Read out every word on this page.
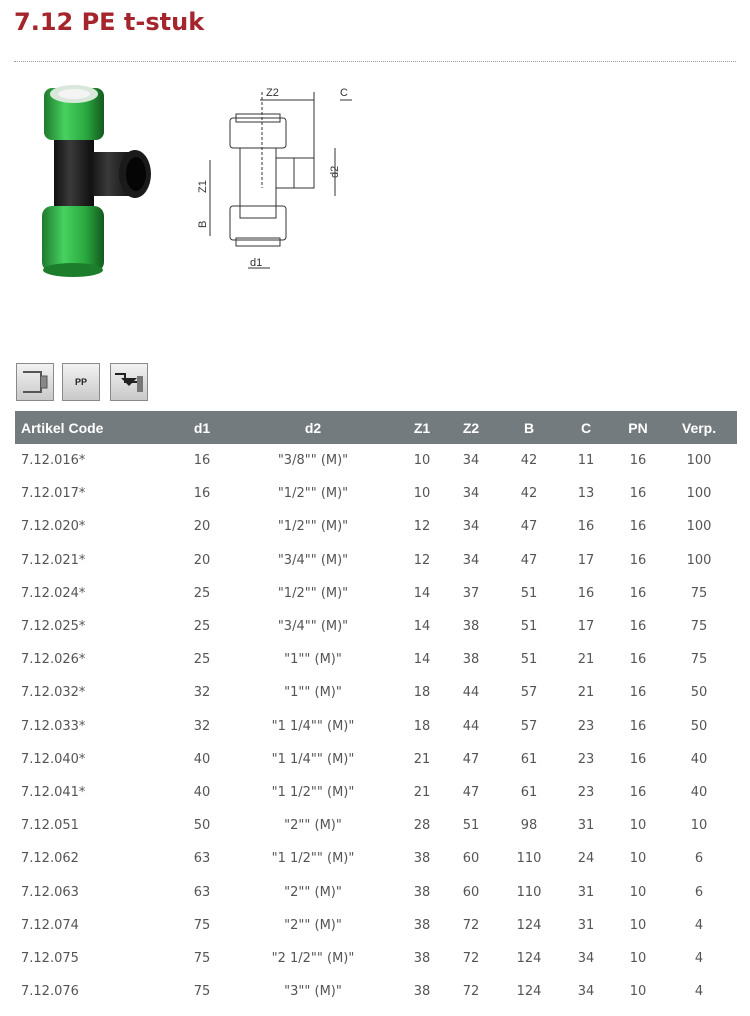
7.12 PE t-stuk
Z2	C
d2
Z1
B
d1
PP
Artikel Code	d1	d2	Z1	Z2	B	C	PN	Verp.
7.12.016*	16	"3/8"" (M)"	10	34	42	11	16	100
7.12.017*	16	"1/2"" (M)"	10	34	42	13	16	100
7.12.020*	20	"1/2"" (M)"	12	34	47	16	16	100
7.12.021*	20	"3/4"" (M)"	12	34	47	17	16	100
7.12.024*	25	"1/2"" (M)"	14	37	51	16	16	75
7.12.025*	25	"3/4"" (M)"	14	38	51	17	16	75
7.12.026*	25	"1"" (M)"	14	38	51	21	16	75
7.12.032*	32	"1"" (M)"	18	44	57	21	16	50
7.12.033*	32	"1 1/4"" (M)"	18	44	57	23	16	50
7.12.040*	40	"1 1/4"" (M)"	21	47	61	23	16	40
7.12.041*	40	"1 1/2"" (M)"	21	47	61	23	16	40
7.12.051	50	"2"" (M)"	28	51	98	31	10	10
7.12.062	63	"1 1/2"" (M)"	38	60	110	24	10	6
7.12.063	63	"2"" (M)"	38	60	110	31	10	6
7.12.074	75	"2"" (M)"	38	72	124	31	10	4
7.12.075	75	"2 1/2"" (M)"	38	72	124	34	10	4
7.12.076	75	"3"" (M)"	38	72	124	34	10	4
